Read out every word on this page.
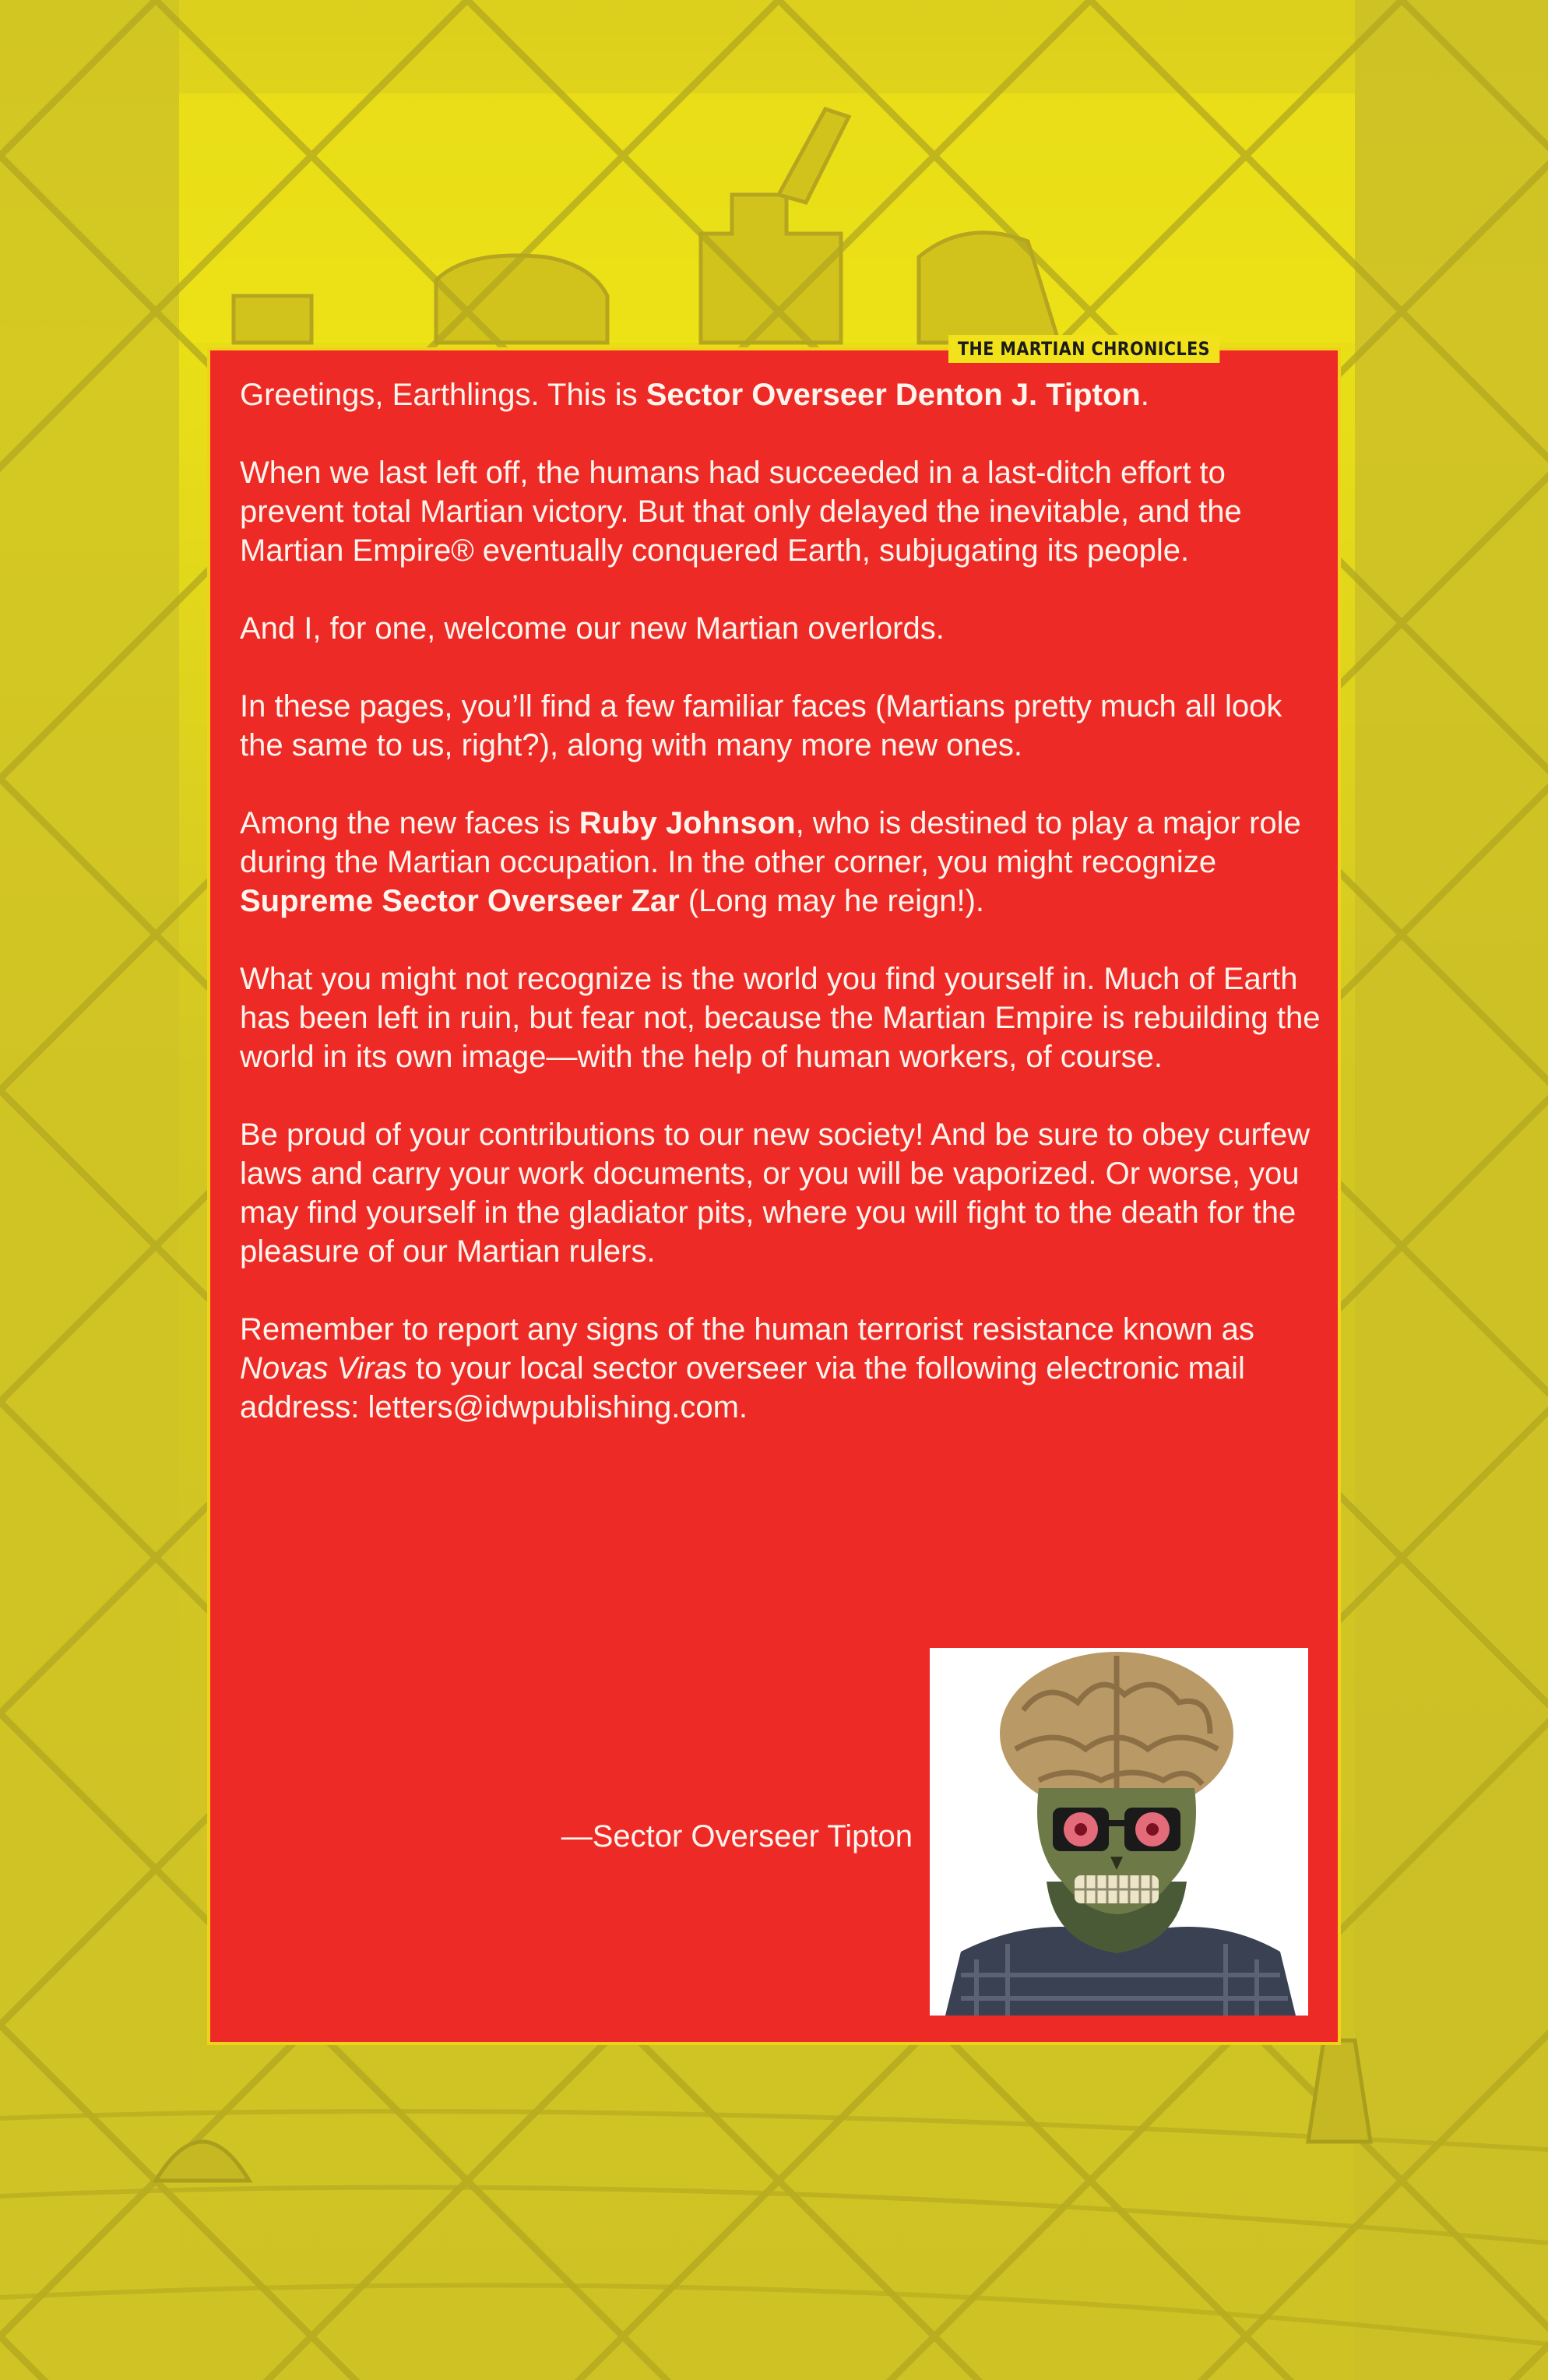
THE MARTIAN CHRONICLES

Greetings, Earthlings. This is Sector Overseer Denton J. Tipton.

When we last left off, the humans had succeeded in a last-ditch effort to prevent total Martian victory. But that only delayed the inevitable, and the Martian Empire® eventually conquered Earth, subjugating its people.

And I, for one, welcome our new Martian overlords.

In these pages, you’ll find a few familiar faces (Martians pretty much all look the same to us, right?), along with many more new ones.

Among the new faces is Ruby Johnson, who is destined to play a major role during the Martian occupation. In the other corner, you might recognize Supreme Sector Overseer Zar (Long may he reign!).

What you might not recognize is the world you find yourself in. Much of Earth has been left in ruin, but fear not, because the Martian Empire is rebuilding the world in its own image—with the help of human workers, of course.

Be proud of your contributions to our new society! And be sure to obey curfew laws and carry your work documents, or you will be vaporized. Or worse, you may find yourself in the gladiator pits, where you will fight to the death for the pleasure of our Martian rulers.

Remember to report any signs of the human terrorist resistance known as Novas Viras to your local sector overseer via the following electronic mail address: letters@idwpublishing.com.

—Sector Overseer Tipton
